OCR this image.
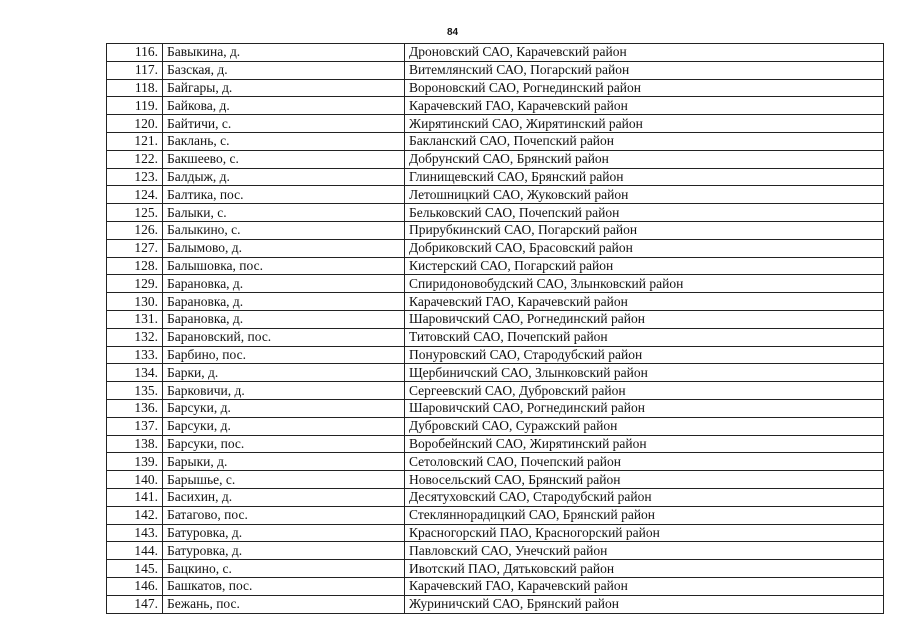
84
116.	Бавыкина, д.	Дроновский САО, Карачевский район
117.	Базская, д.	Витемлянский САО, Погарский район
118.	Байгары, д.	Вороновский САО, Рогнединский район
119.	Байкова, д.	Карачевский ГАО, Карачевский район
120.	Байтичи, с.	Жирятинский САО, Жирятинский район
121.	Баклань, с.	Бакланский САО, Почепский район
122.	Бакшеево, с.	Добрунский САО, Брянский район
123.	Балдыж, д.	Глинищевский САО, Брянский район
124.	Балтика, пос.	Летошницкий САО, Жуковский район
125.	Балыки, с.	Бельковский САО, Почепский район
126.	Балыкино, с.	Прирубкинский САО, Погарский район
127.	Балымово, д.	Добриковский САО, Брасовский район
128.	Балышовка, пос.	Кистерский САО, Погарский район
129.	Барановка, д.	Спиридоновобудский САО, Злынковский район
130.	Барановка, д.	Карачевский ГАО, Карачевский район
131.	Барановка, д.	Шаровичский САО, Рогнединский район
132.	Барановский, пос.	Титовский САО, Почепский район
133.	Барбино, пос.	Понуровский САО, Стародубский район
134.	Барки, д.	Щербиничский САО, Злынковский район
135.	Барковичи, д.	Сергеевский САО, Дубровский район
136.	Барсуки, д.	Шаровичский САО, Рогнединский район
137.	Барсуки, д.	Дубровский САО, Суражский район
138.	Барсуки, пос.	Воробейнский САО, Жирятинский район
139.	Барыки, д.	Сетоловский САО, Почепский район
140.	Барышье, с.	Новосельский САО, Брянский район
141.	Басихин, д.	Десятуховский САО, Стародубский район
142.	Батагово, пос.	Стекляннорадицкий САО, Брянский район
143.	Батуровка, д.	Красногорский ПАО, Красногорский район
144.	Батуровка, д.	Павловский САО, Унечский район
145.	Бацкино, с.	Ивотский ПАО, Дятьковский район
146.	Башкатов, пос.	Карачевский ГАО, Карачевский район
147.	Бежань, пос.	Журиничский САО, Брянский район
